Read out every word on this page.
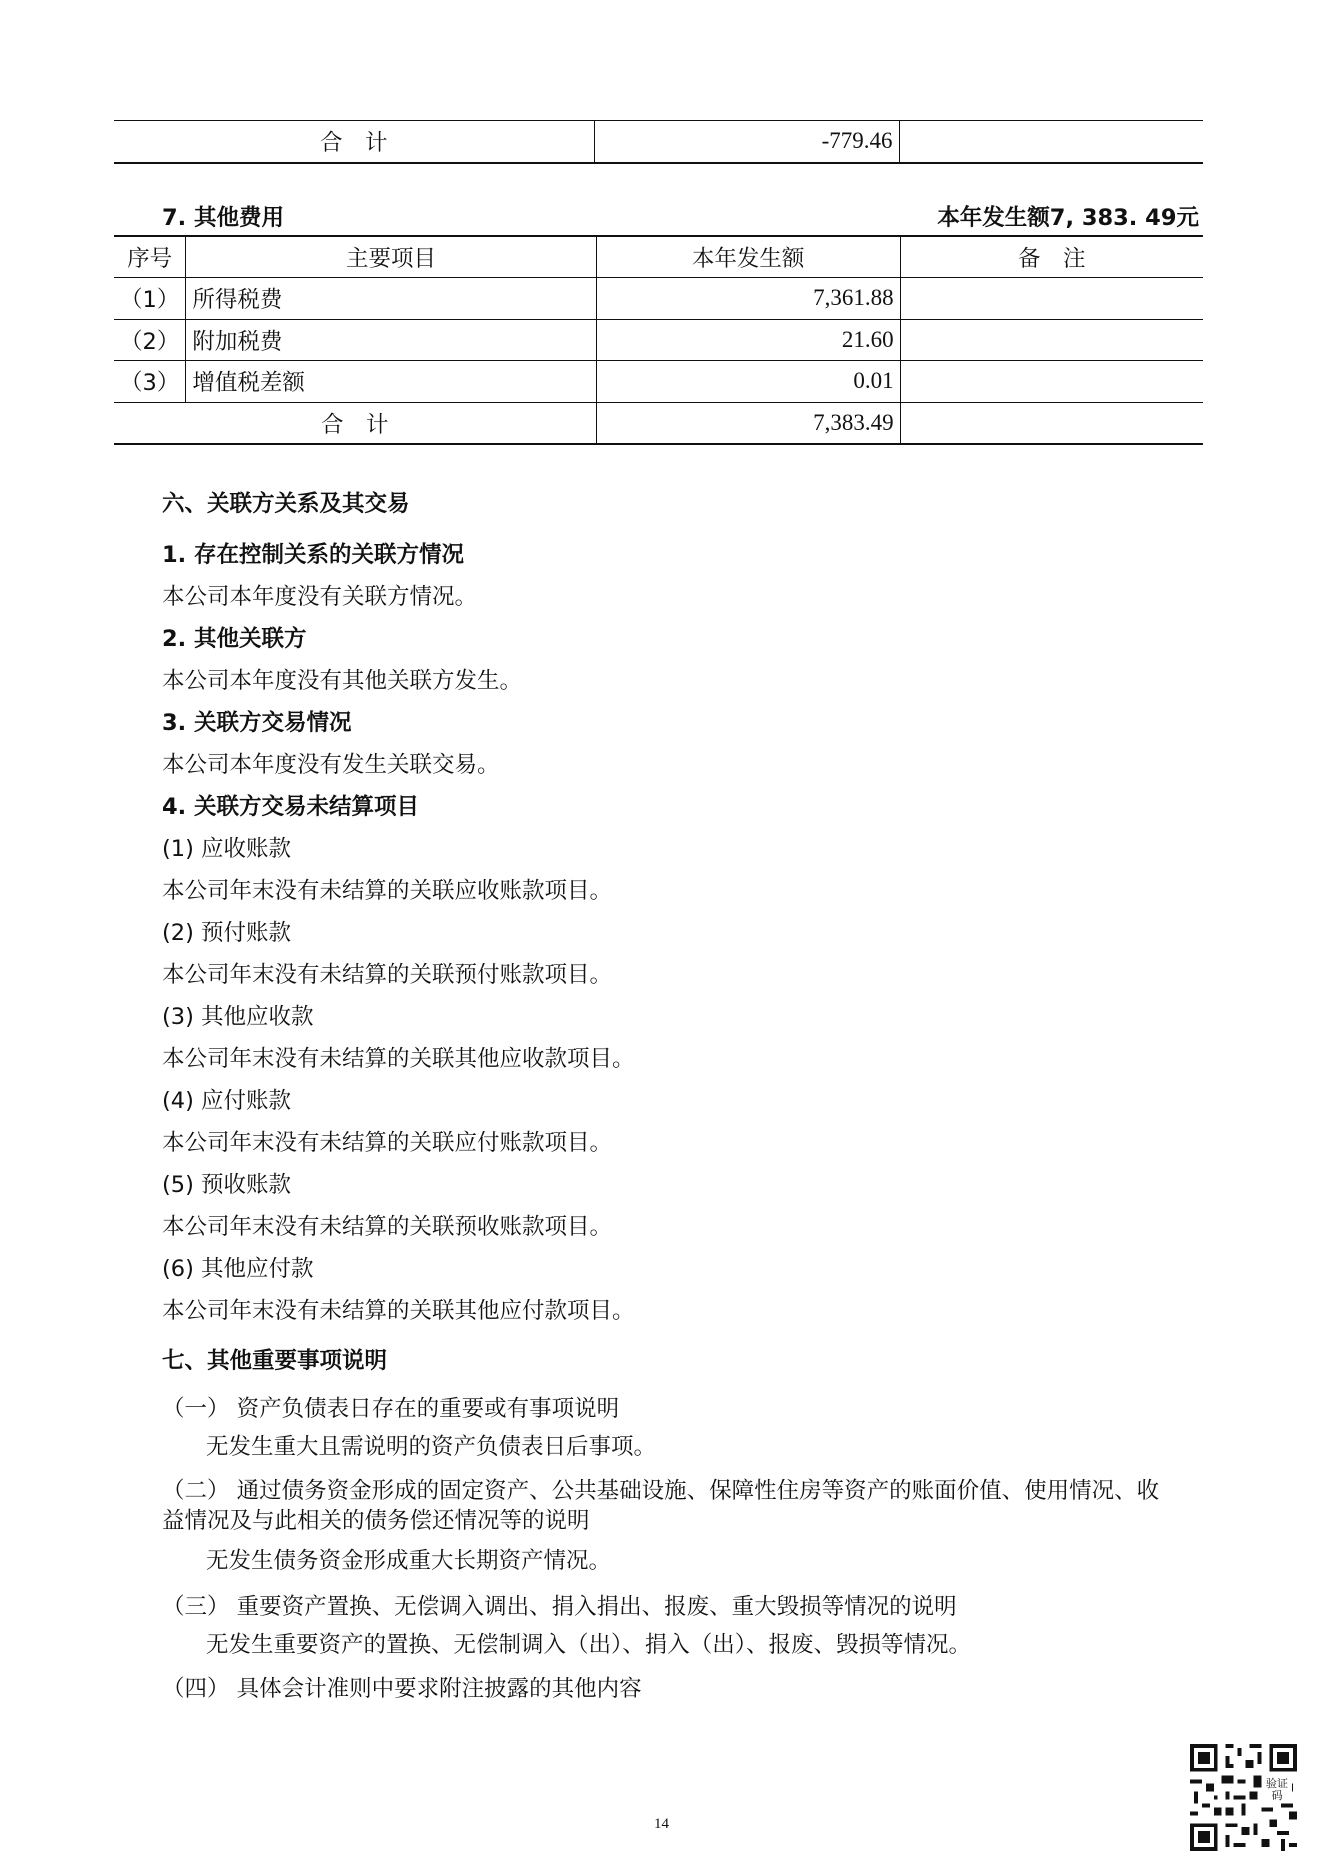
合　计	-779.46	
7. 其他费用	本年发生额7, 383. 49元
序号	主要项目	本年发生额	备　注
（1）	所得税费	7,361.88	
（2）	附加税费	21.60	
（3）	增值税差额	0.01	
合　计		7,383.49	
六、关联方关系及其交易
1. 存在控制关系的关联方情况
本公司本年度没有关联方情况。
2. 其他关联方
本公司本年度没有其他关联方发生。
3. 关联方交易情况
本公司本年度没有发生关联交易。
4. 关联方交易未结算项目
(1) 应收账款
本公司年末没有未结算的关联应收账款项目。
(2) 预付账款
本公司年末没有未结算的关联预付账款项目。
(3) 其他应收款
本公司年末没有未结算的关联其他应收款项目。
(4) 应付账款
本公司年末没有未结算的关联应付账款项目。
(5) 预收账款
本公司年末没有未结算的关联预收账款项目。
(6) 其他应付款
本公司年末没有未结算的关联其他应付款项目。
七、其他重要事项说明
（一） 资产负债表日存在的重要或有事项说明
无发生重大且需说明的资产负债表日后事项。
（二） 通过债务资金形成的固定资产、公共基础设施、保障性住房等资产的账面价值、使用情况、收
益情况及与此相关的债务偿还情况等的说明
无发生债务资金形成重大长期资产情况。
（三） 重要资产置换、无偿调入调出、捐入捐出、报废、重大毁损等情况的说明
无发生重要资产的置换、无偿制调入（出）、捐入（出）、报废、毁损等情况。
（四） 具体会计准则中要求附注披露的其他内容
14
验证码
